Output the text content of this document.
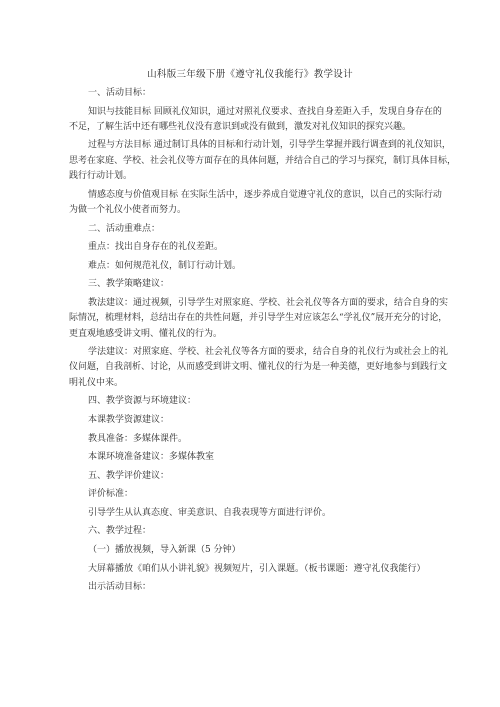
山科版三年级下册《遵守礼仪我能行》教学设计

一、活动目标：

知识与技能目标 回顾礼仪知识，通过对照礼仪要求、查找自身差距入手，发现自身存在的

不足，了解生活中还有哪些礼仪没有意识到或没有做到，激发对礼仪知识的探究兴趣。

过程与方法目标 通过制订具体的目标和行动计划，引导学生掌握并践行调查到的礼仪知识，

思考在家庭、学校、社会礼仪等方面存在的具体问题，并结合自己的学习与探究，制订具体目标，

践行行动计划。

情感态度与价值观目标 在实际生活中，逐步养成自觉遵守礼仪的意识，以自己的实际行动

为做一个礼仪小使者而努力。

二、活动重难点：

重点：找出自身存在的礼仪差距。

难点：如何规范礼仪，制订行动计划。

三、教学策略建议：

教法建议：通过视频，引导学生对照家庭、学校、社会礼仪等各方面的要求，结合自身的实

际情况，梳理材料，总结出存在的共性问题，并引导学生对应该怎么“学礼仪”展开充分的讨论，

更直观地感受讲文明、懂礼仪的行为。

学法建议：对照家庭、学校、社会礼仪等各方面的要求，结合自身的礼仪行为或社会上的礼

仪问题，自我剖析、讨论，从而感受到讲文明、懂礼仪的行为是一种美德，更好地参与到践行文

明礼仪中来。

四、教学资源与环境建议：

本课教学资源建议：

教具准备：多媒体课件。

本课环境准备建议：多媒体教室

五、教学评价建议：

评价标准：

引导学生从认真态度、审美意识、自我表现等方面进行评价。

六、教学过程：

（一）播放视频，导入新课（5 分钟）

大屏幕播放《咱们从小讲礼貌》视频短片，引入课题。（板书课题：遵守礼仪我能行）

出示活动目标：
